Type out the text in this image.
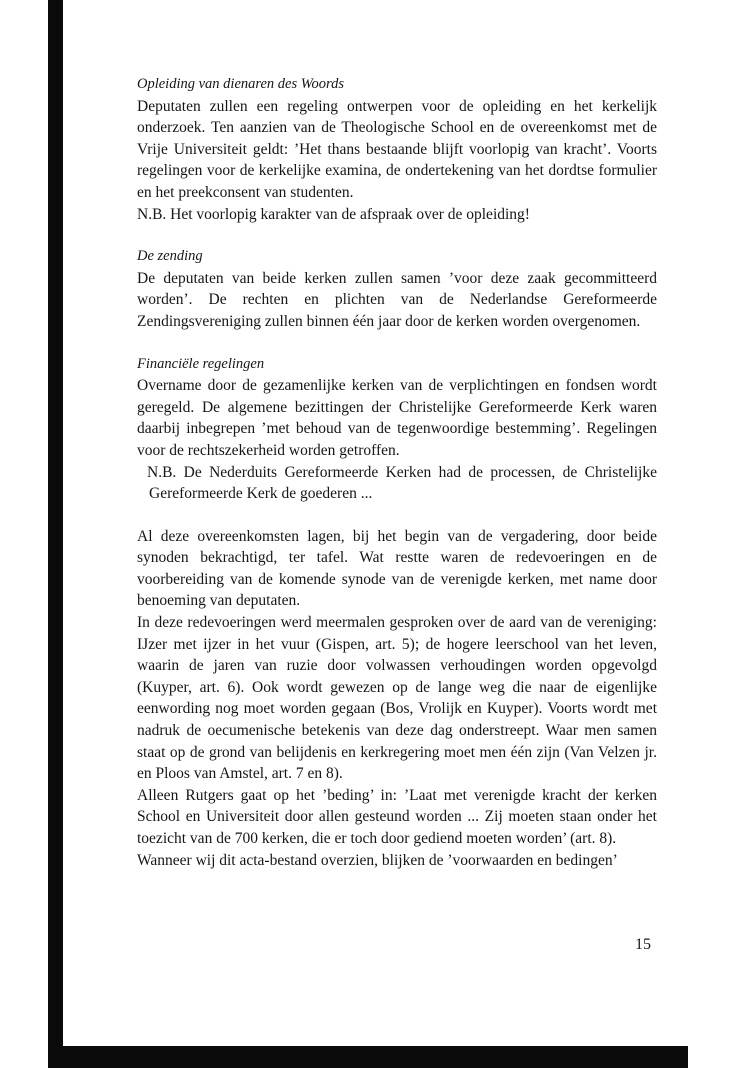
Opleiding van dienaren des Woords

Deputaten zullen een regeling ontwerpen voor de opleiding en het kerkelijk onderzoek. Ten aanzien van de Theologische School en de overeenkomst met de Vrije Universiteit geldt: ’Het thans bestaande blijft voorlopig van kracht’. Voorts regelingen voor de kerkelijke examina, de ondertekening van het dordtse formulier en het preekconsent van studenten.

N.B. Het voorlopig karakter van de afspraak over de opleiding!

De zending

De deputaten van beide kerken zullen samen ’voor deze zaak gecommitteerd worden’. De rechten en plichten van de Nederlandse Gereformeerde Zendingsvereniging zullen binnen één jaar door de kerken worden overgenomen.

Financiële regelingen

Overname door de gezamenlijke kerken van de verplichtingen en fondsen wordt geregeld. De algemene bezittingen der Christelijke Gereformeerde Kerk waren daarbij inbegrepen ’met behoud van de tegenwoordige bestemming’. Regelingen voor de rechtszekerheid worden getroffen.

N.B. De Nederduits Gereformeerde Kerken had de processen, de Christelijke Gereformeerde Kerk de goederen ...

Al deze overeenkomsten lagen, bij het begin van de vergadering, door beide synoden bekrachtigd, ter tafel. Wat restte waren de redevoeringen en de voorbereiding van de komende synode van de verenigde kerken, met name door benoeming van deputaten.

In deze redevoeringen werd meermalen gesproken over de aard van de vereniging: IJzer met ijzer in het vuur (Gispen, art. 5); de hogere leerschool van het leven, waarin de jaren van ruzie door volwassen verhoudingen worden opgevolgd (Kuyper, art. 6). Ook wordt gewezen op de lange weg die naar de eigenlijke eenwording nog moet worden gegaan (Bos, Vrolijk en Kuyper). Voorts wordt met nadruk de oecumenische betekenis van deze dag onderstreept. Waar men samen staat op de grond van belijdenis en kerkregering moet men één zijn (Van Velzen jr. en Ploos van Amstel, art. 7 en 8).

Alleen Rutgers gaat op het ’beding’ in: ’Laat met verenigde kracht der kerken School en Universiteit door allen gesteund worden ... Zij moeten staan onder het toezicht van de 700 kerken, die er toch door gediend moeten worden’ (art. 8).

Wanneer wij dit acta-bestand overzien, blijken de ’voorwaarden en bedingen’

15
